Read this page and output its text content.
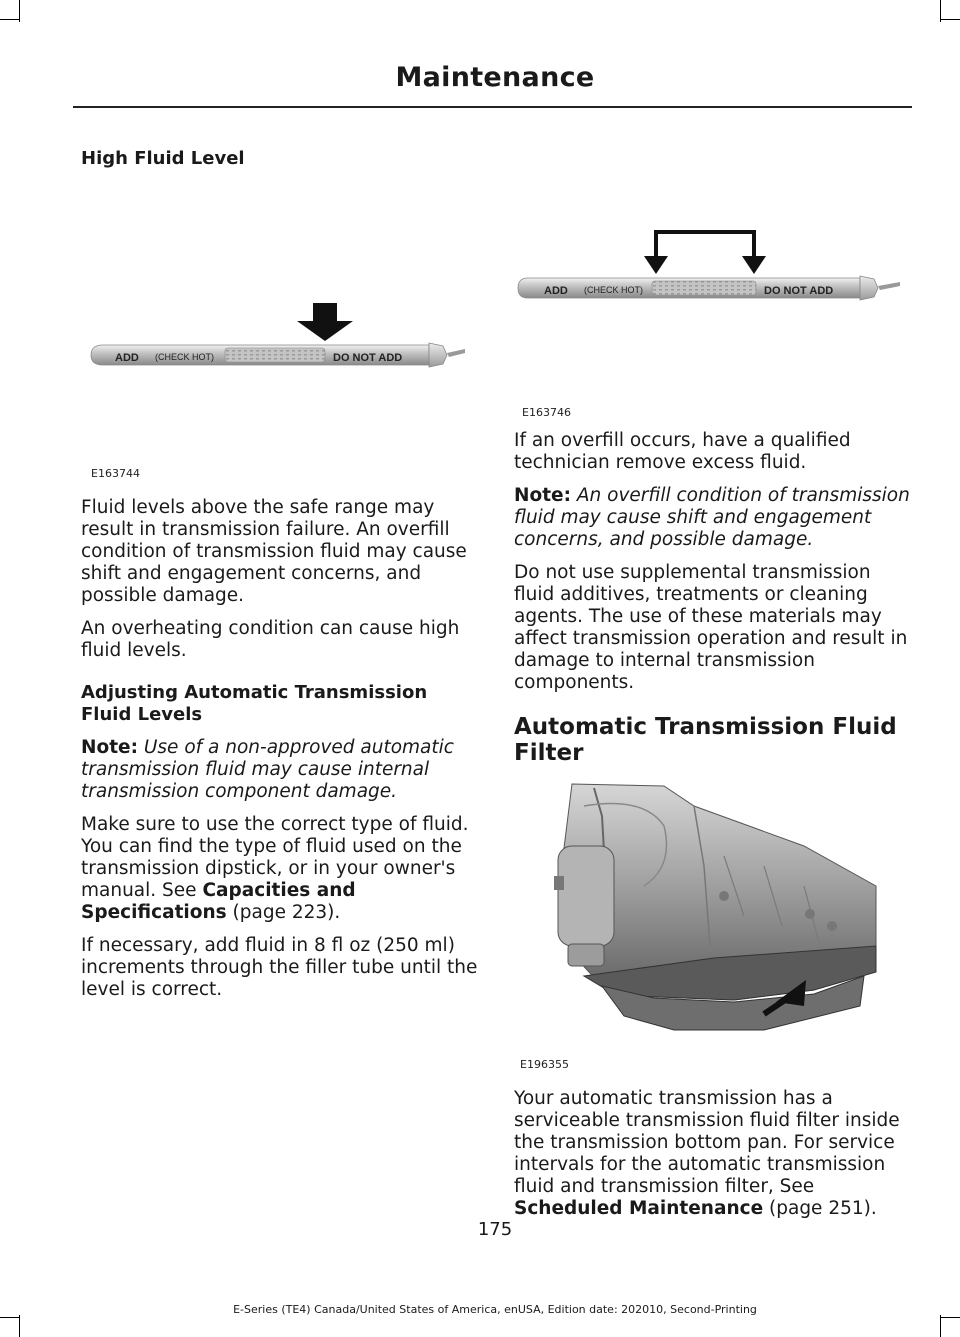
Maintenance
High Fluid Level
ADD (CHECK HOT)	DO NOT ADD
E163744

Fluid levels above the safe range may result in transmission failure. An overfill condition of transmission fluid may cause shift and engagement concerns, and possible damage.

An overheating condition can cause high fluid levels.

Adjusting Automatic Transmission Fluid Levels

Note: Use of a non-approved automatic transmission fluid may cause internal transmission component damage.

Make sure to use the correct type of fluid. You can find the type of fluid used on the transmission dipstick, or in your owner's manual. See Capacities and Specifications (page 223).

If necessary, add fluid in 8 fl oz (250 ml) increments through the filler tube until the level is correct.

ADD (CHECK HOT)	DO NOT ADD
E163746

If an overfill occurs, have a qualified technician remove excess fluid.

Note: An overfill condition of transmission fluid may cause shift and engagement concerns, and possible damage.

Do not use supplemental transmission fluid additives, treatments or cleaning agents. The use of these materials may affect transmission operation and result in damage to internal transmission components.

Automatic Transmission Fluid Filter
E196355

Your automatic transmission has a serviceable transmission fluid filter inside the transmission bottom pan. For service intervals for the automatic transmission fluid and transmission filter, See Scheduled Maintenance (page 251).

175
E-Series (TE4) Canada/United States of America, enUSA, Edition date: 202010, Second-Printing
